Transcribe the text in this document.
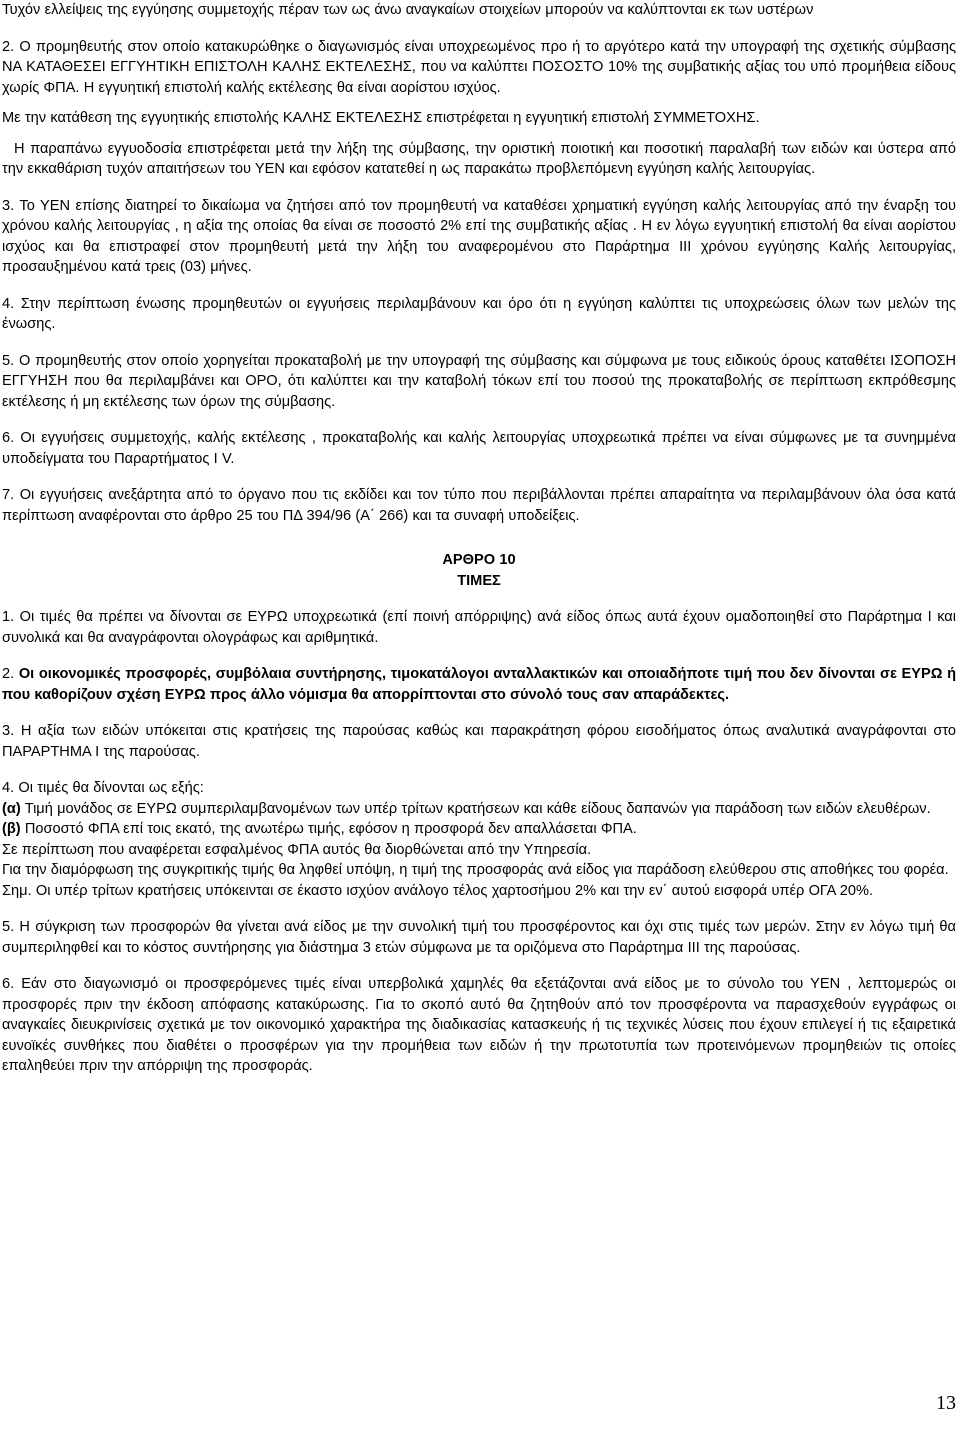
Τυχόν ελλείψεις της εγγύησης συμμετοχής πέραν των ως άνω αναγκαίων στοιχείων μπορούν να καλύπτονται εκ των υστέρων

2. Ο προμηθευτής στον οποίο κατακυρώθηκε ο διαγωνισμός είναι υποχρεωμένος προ ή το αργότερο κατά την υπογραφή της σχετικής σύμβασης ΝΑ ΚΑΤΑΘΕΣΕΙ ΕΓΓΥΗΤΙΚΗ ΕΠΙΣΤΟΛΗ ΚΑΛΗΣ ΕΚΤΕΛΕΣΗΣ, που να καλύπτει ΠΟΣΟΣΤΟ 10% της συμβατικής αξίας του υπό προμήθεια είδους χωρίς ΦΠΑ. Η εγγυητική επιστολή καλής εκτέλεσης θα είναι αορίστου ισχύος.

Με την κατάθεση της εγγυητικής επιστολής ΚΑΛΗΣ ΕΚΤΕΛΕΣΗΣ επιστρέφεται η εγγυητική επιστολή ΣΥΜΜΕΤΟΧΗΣ.

Η παραπάνω εγγυοδοσία επιστρέφεται μετά την λήξη της σύμβασης, την οριστική ποιοτική και ποσοτική παραλαβή των ειδών και ύστερα από την εκκαθάριση τυχόν απαιτήσεων του ΥΕΝ και εφόσον κατατεθεί η ως παρακάτω προβλεπόμενη εγγύηση καλής λειτουργίας.

3. Το ΥΕΝ επίσης διατηρεί το δικαίωμα να ζητήσει από τον προμηθευτή να καταθέσει χρηματική εγγύηση καλής λειτουργίας από την έναρξη του χρόνου καλής λειτουργίας , η αξία της οποίας θα είναι σε ποσοστό 2% επί της συμβατικής αξίας . Η εν λόγω εγγυητική επιστολή θα είναι αορίστου ισχύος και θα επιστραφεί στον προμηθευτή μετά την λήξη του αναφερομένου στο Παράρτημα ΙΙΙ χρόνου εγγύησης Καλής λειτουργίας, προσαυξημένου κατά τρεις (03) μήνες.

4. Στην περίπτωση ένωσης προμηθευτών οι εγγυήσεις περιλαμβάνουν και όρο ότι η εγγύηση καλύπτει τις υποχρεώσεις όλων των μελών της ένωσης.

5. Ο προμηθευτής στον οποίο χορηγείται προκαταβολή με την υπογραφή της σύμβασης και σύμφωνα με τους ειδικούς όρους καταθέτει ΙΣΟΠΟΣΗ ΕΓΓΥΗΣΗ που θα περιλαμβάνει και ΟΡΟ, ότι καλύπτει και την καταβολή τόκων επί του ποσού της προκαταβολής σε περίπτωση εκπρόθεσμης εκτέλεσης ή μη εκτέλεσης των όρων της σύμβασης.

6. Οι εγγυήσεις συμμετοχής, καλής εκτέλεσης , προκαταβολής και καλής λειτουργίας υποχρεωτικά πρέπει να είναι σύμφωνες με τα συνημμένα υποδείγματα του Παραρτήματος Ι V.

7. Οι εγγυήσεις ανεξάρτητα από το όργανο που τις εκδίδει και τον τύπο που περιβάλλονται πρέπει απαραίτητα να περιλαμβάνουν όλα όσα κατά περίπτωση αναφέρονται στο άρθρο 25 του ΠΔ 394/96 (Α΄ 266) και τα συναφή υποδείξεις.

ΑΡΘΡΟ 10

ΤΙΜΕΣ

1. Οι τιμές θα πρέπει να δίνονται σε ΕΥΡΩ υποχρεωτικά (επί ποινή απόρριψης) ανά είδος όπως αυτά έχουν ομαδοποιηθεί στο Παράρτημα Ι και συνολικά και θα αναγράφονται ολογράφως και αριθμητικά.

2. Οι οικονομικές προσφορές, συμβόλαια συντήρησης, τιμοκατάλογοι ανταλλακτικών και οποιαδήποτε τιμή που δεν δίνονται σε ΕΥΡΩ ή που καθορίζουν σχέση ΕΥΡΩ προς άλλο νόμισμα θα απορρίπτονται στο σύνολό τους σαν απαράδεκτες.

3. Η αξία των ειδών υπόκειται στις κρατήσεις της παρούσας καθώς και παρακράτηση φόρου εισοδήματος όπως αναλυτικά αναγράφονται στο ΠΑΡΑΡΤΗΜΑ Ι της παρούσας.

4. Οι τιμές θα δίνονται ως εξής:

(α) Τιμή μονάδος σε ΕΥΡΩ συμπεριλαμβανομένων των υπέρ τρίτων κρατήσεων και κάθε είδους δαπανών για παράδοση των ειδών ελευθέρων.

(β) Ποσοστό ΦΠΑ επί τοις εκατό, της ανωτέρω τιμής, εφόσον η προσφορά δεν απαλλάσεται ΦΠΑ.

Σε περίπτωση που αναφέρεται εσφαλμένος ΦΠΑ αυτός θα διορθώνεται από την Υπηρεσία.

Για την διαμόρφωση της συγκριτικής τιμής θα ληφθεί υπόψη, η τιμή της προσφοράς ανά είδος για παράδοση ελεύθερου στις αποθήκες του φορέα.

Σημ. Οι υπέρ τρίτων κρατήσεις υπόκεινται σε έκαστο ισχύον ανάλογο τέλος χαρτοσήμου 2% και την εν΄ αυτού εισφορά υπέρ ΟΓΑ 20%.

5. Η σύγκριση των προσφορών θα γίνεται ανά είδος με την συνολική τιμή του προσφέροντος και όχι στις τιμές των μερών. Στην εν λόγω τιμή θα συμπεριληφθεί και το κόστος συντήρησης για διάστημα 3 ετών σύμφωνα με τα οριζόμενα στο Παράρτημα ΙΙΙ της παρούσας.

6. Εάν στο διαγωνισμό οι προσφερόμενες τιμές είναι υπερβολικά χαμηλές θα εξετάζονται ανά είδος με το σύνολο του ΥΕΝ , λεπτομερώς οι προσφορές πριν την έκδοση απόφασης κατακύρωσης. Για το σκοπό αυτό θα ζητηθούν από τον προσφέροντα να παρασχεθούν εγγράφως οι αναγκαίες διευκρινίσεις σχετικά με τον οικονομικό χαρακτήρα της διαδικασίας κατασκευής ή τις τεχνικές λύσεις που έχουν επιλεγεί ή τις εξαιρετικά ευνοϊκές συνθήκες που διαθέτει ο προσφέρων για την προμήθεια των ειδών ή την πρωτοτυπία των προτεινόμενων προμηθειών τις οποίες επαληθεύει πριν την απόρριψη της προσφοράς.

13
